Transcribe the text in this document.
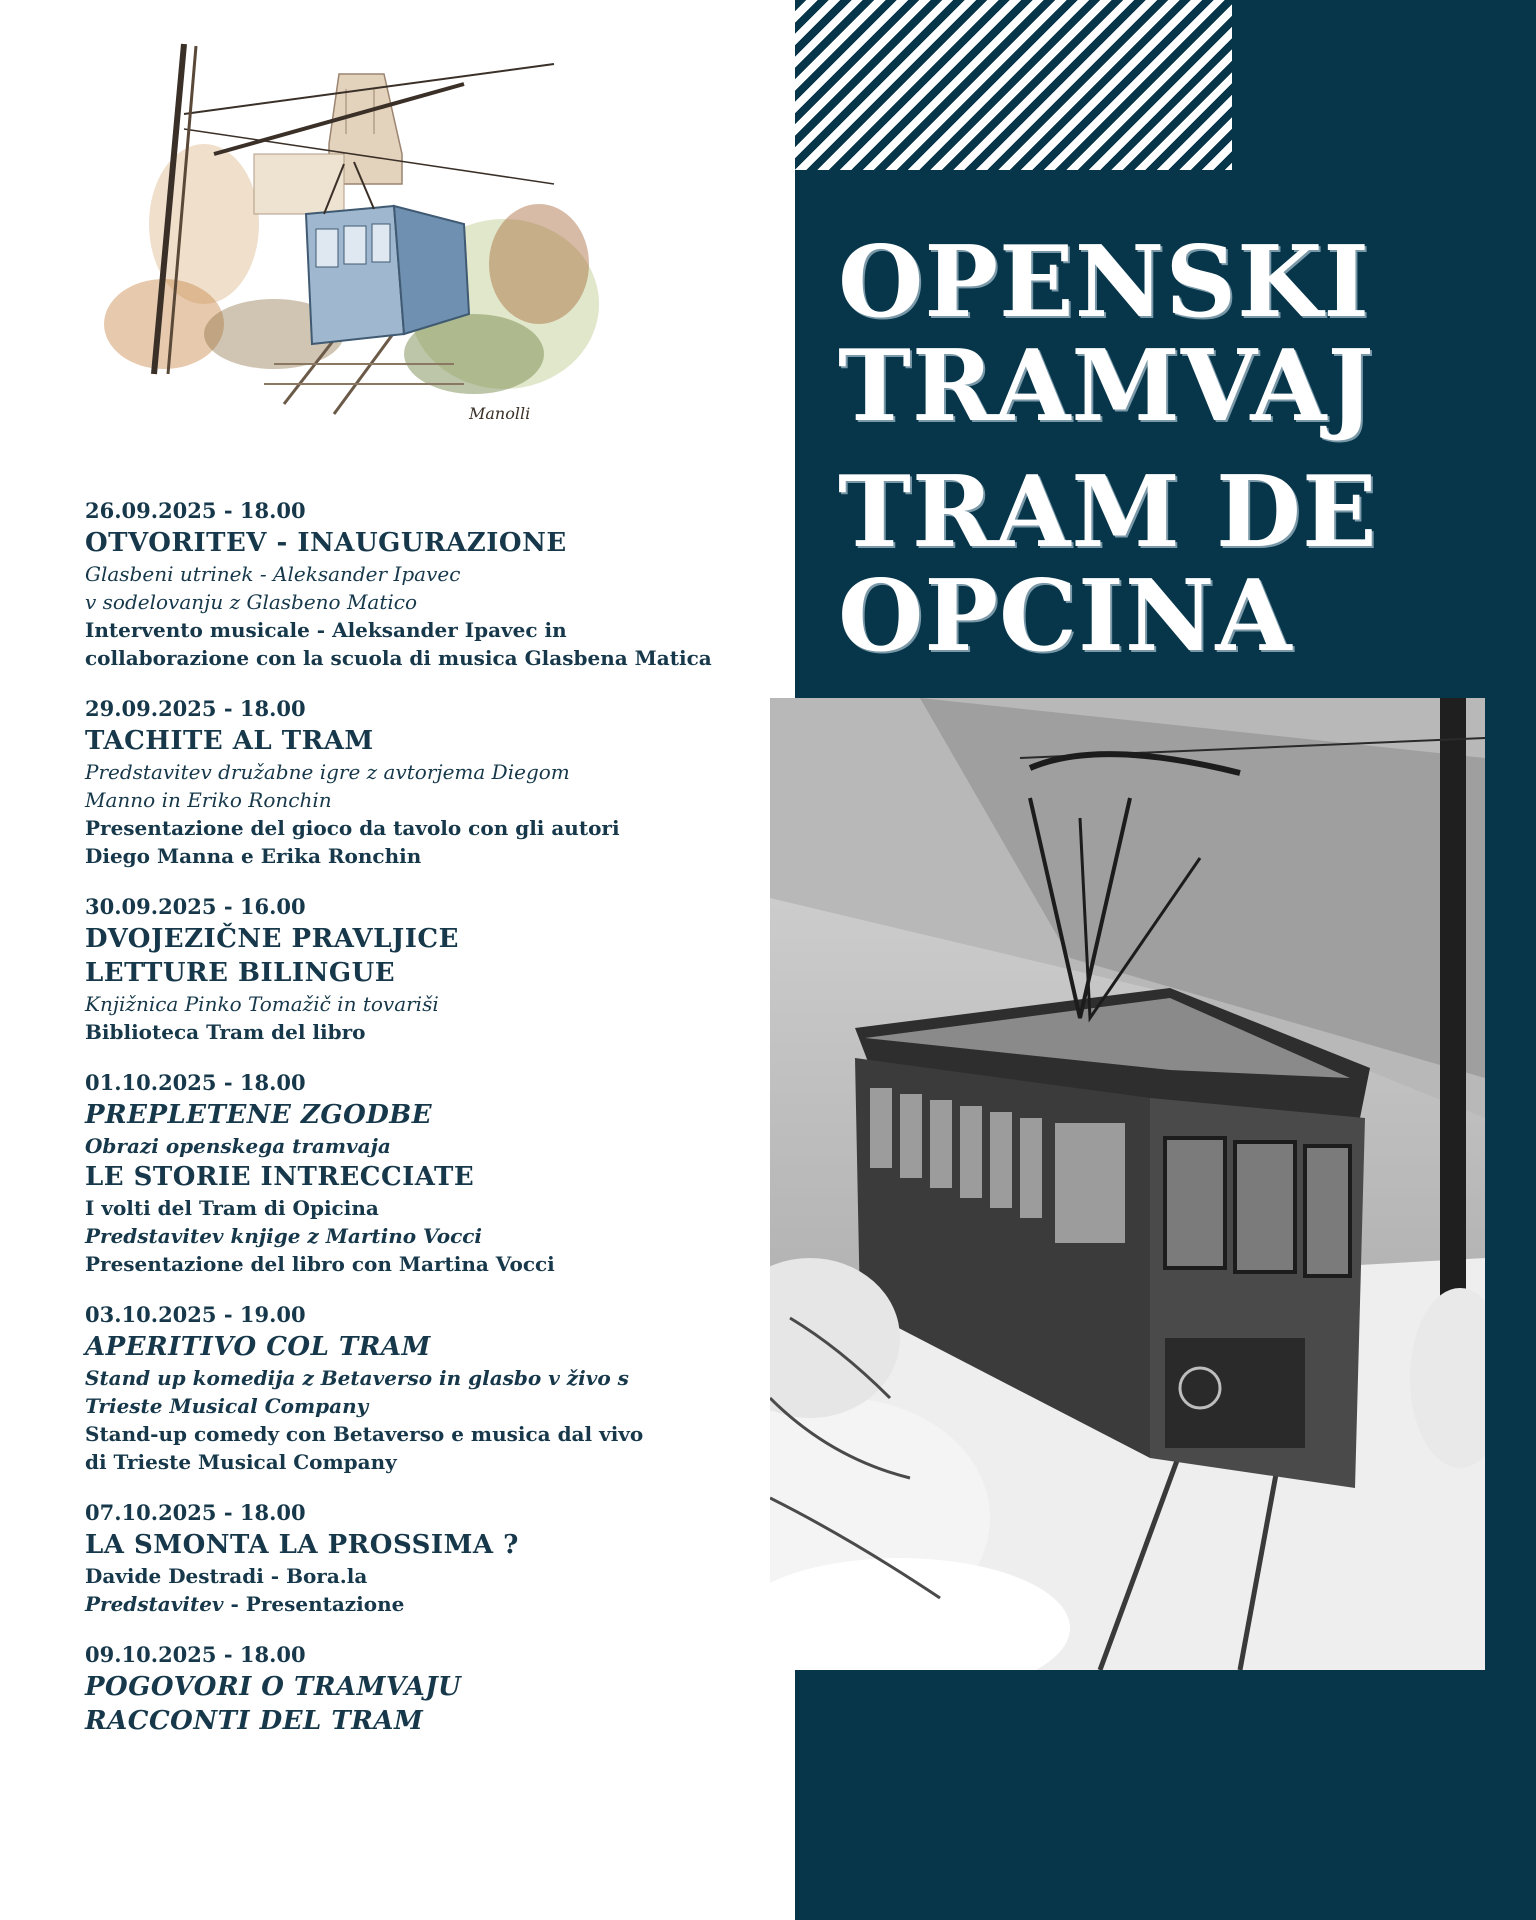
OPENSKI
TRAMVAJ
TRAM DE
OPCINA
Manolli
26.09.2025 - 18.00
OTVORITEV - INAUGURAZIONE
Glasbeni utrinek - Aleksander Ipavec
v sodelovanju z Glasbeno Matico
Intervento musicale - Aleksander Ipavec in
collaborazione con la scuola di musica Glasbena Matica
29.09.2025 - 18.00
TACHITE AL TRAM
Predstavitev družabne igre z avtorjema Diegom
Manno in Eriko Ronchin
Presentazione del gioco da tavolo con gli autori
Diego Manna e Erika Ronchin
30.09.2025 - 16.00
DVOJEZIČNE PRAVLJICE
LETTURE BILINGUE
Knjižnica Pinko Tomažič in tovariši
Biblioteca Tram del libro
01.10.2025 - 18.00
PREPLETENE ZGODBE
Obrazi openskega tramvaja
LE STORIE INTRECCIATE
I volti del Tram di Opicina
Predstavitev knjige z Martino Vocci
Presentazione del libro con Martina Vocci
03.10.2025 - 19.00
APERITIVO COL TRAM
Stand up komedija z Betaverso in glasbo v živo s
Trieste Musical Company
Stand-up comedy con Betaverso e musica dal vivo
di Trieste Musical Company
07.10.2025 - 18.00
LA SMONTA LA PROSSIMA ?
Davide Destradi - Bora.la
Predstavitev - Presentazione
09.10.2025 - 18.00
POGOVORI O TRAMVAJU
RACCONTI DEL TRAM
